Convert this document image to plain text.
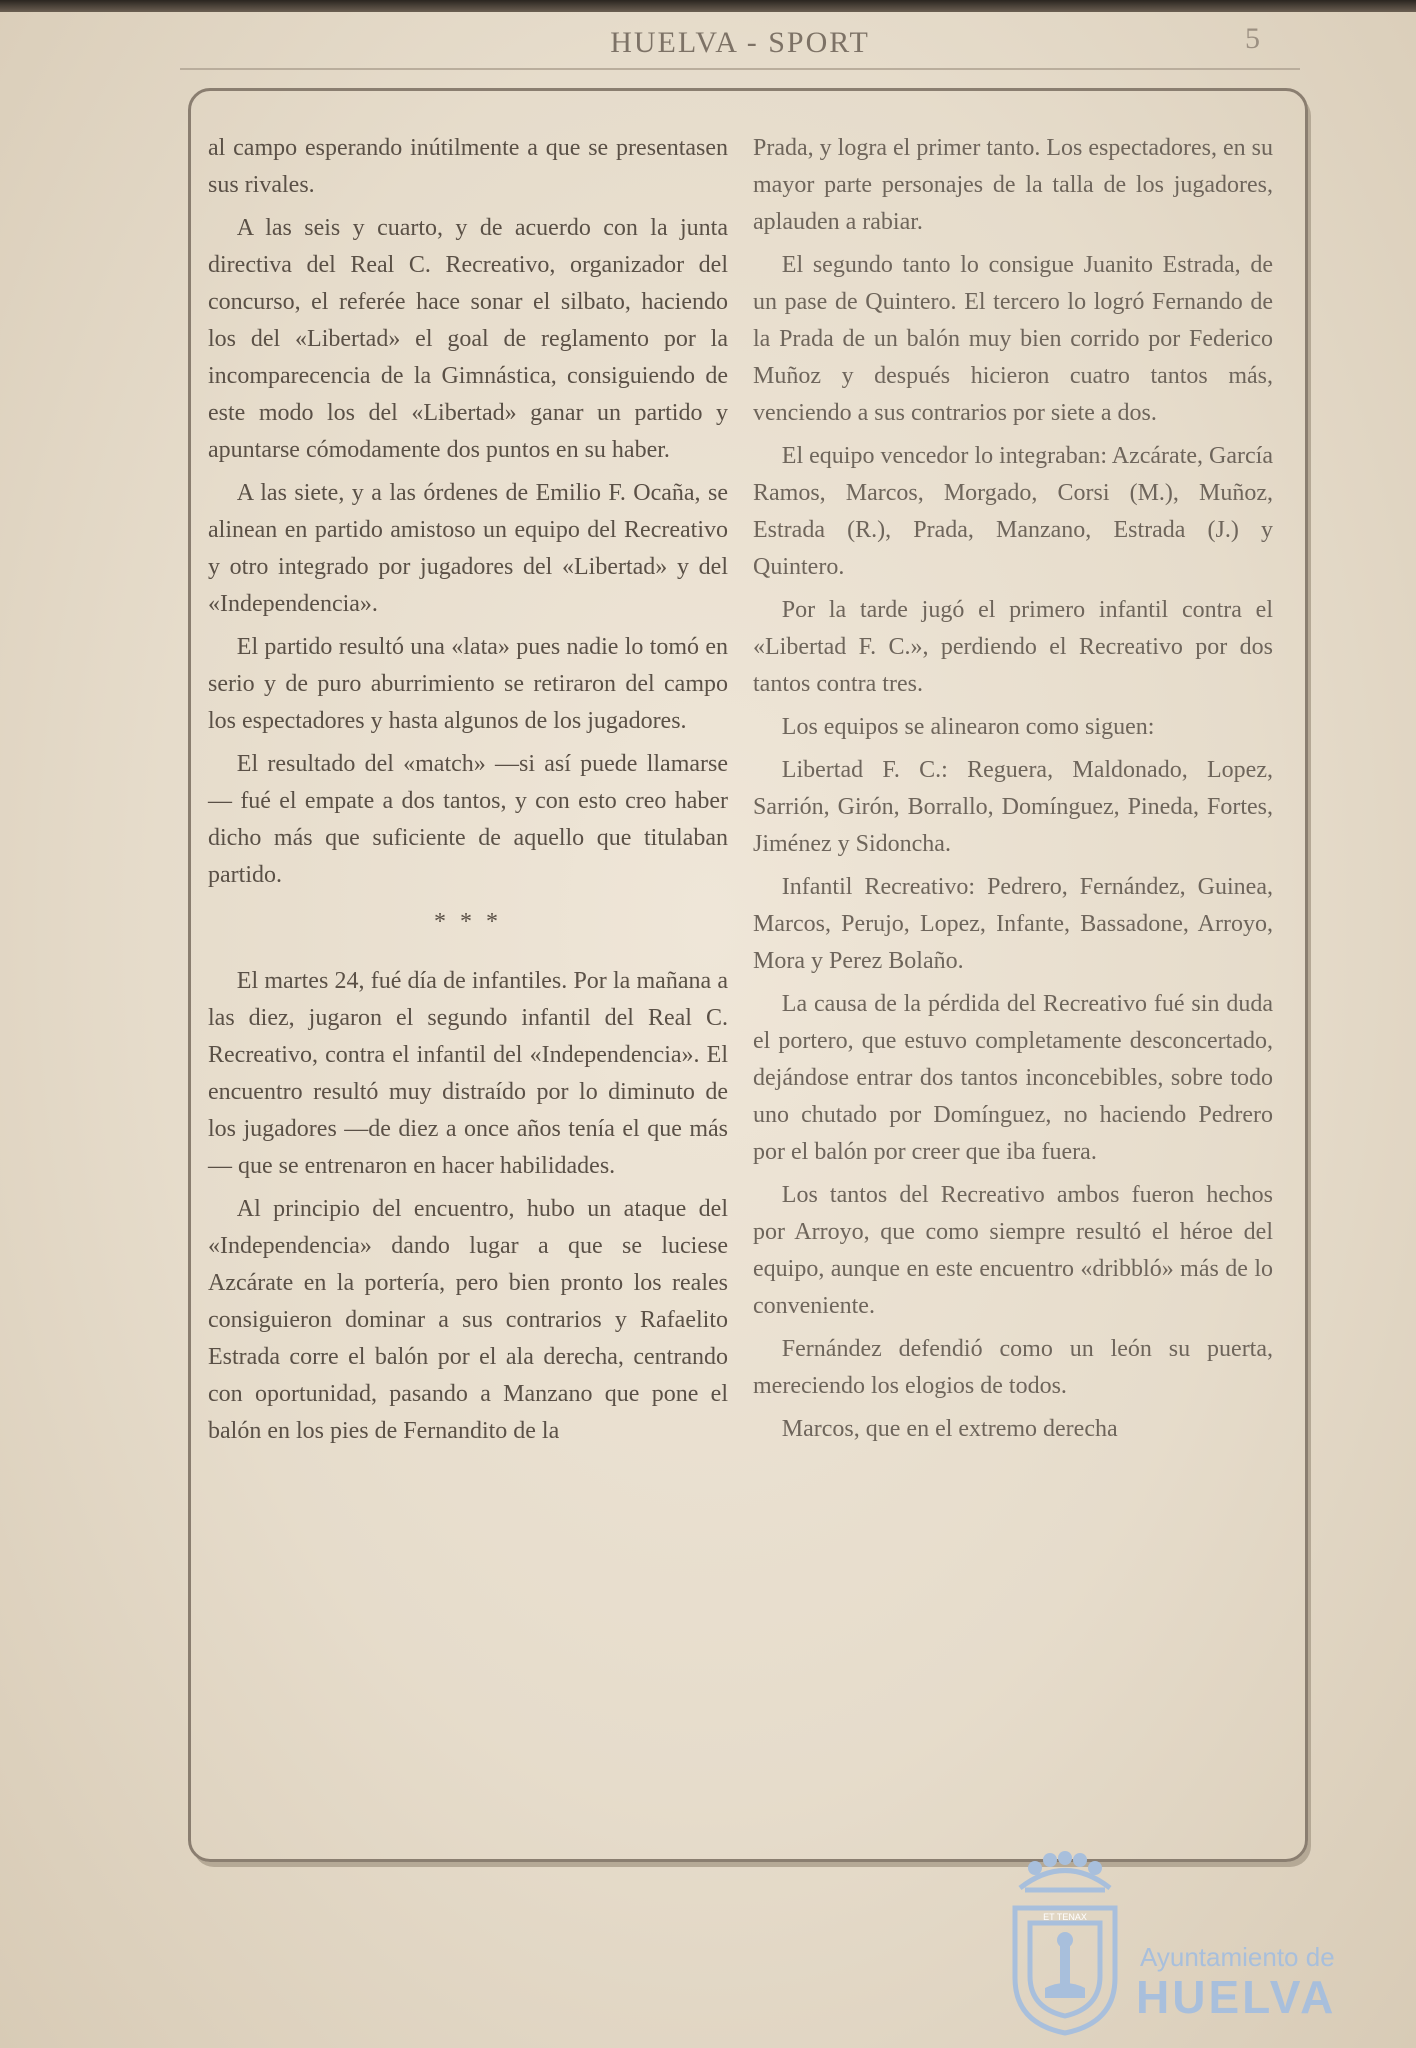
HUELVA - SPORT	5

al campo esperando inútilmente a que se presentasen sus rivales.

A las seis y cuarto, y de acuerdo con la junta directiva del Real C. Recreativo, organizador del concurso, el referée hace sonar el silbato, haciendo los del «Libertad» el goal de reglamento por la incomparecencia de la Gimnástica, consiguiendo de este modo los del «Libertad» ganar un partido y apuntarse cómodamente dos puntos en su haber.

A las siete, y a las órdenes de Emilio F. Ocaña, se alinean en partido amistoso un equipo del Recreativo y otro integrado por jugadores del «Libertad» y del «Independencia».

El partido resultó una «lata» pues nadie lo tomó en serio y de puro aburrimiento se retiraron del campo los espectadores y hasta algunos de los jugadores.

El resultado del «match» —si así puede llamarse— fué el empate a dos tantos, y con esto creo haber dicho más que suficiente de aquello que titulaban partido.

* * *

El martes 24, fué día de infantiles. Por la mañana a las diez, jugaron el segundo infantil del Real C. Recreativo, contra el infantil del «Independencia». El encuentro resultó muy distraído por lo diminuto de los jugadores —de diez a once años tenía el que más— que se entrenaron en hacer habilidades.

Al principio del encuentro, hubo un ataque del «Independencia» dando lugar a que se luciese Azcárate en la portería, pero bien pronto los reales consiguieron dominar a sus contrarios y Rafaelito Estrada corre el balón por el ala derecha, centrando con oportunidad, pasando a Manzano que pone el balón en los pies de Fernandito de la

Prada, y logra el primer tanto. Los espectadores, en su mayor parte personajes de la talla de los jugadores, aplauden a rabiar.

El segundo tanto lo consigue Juanito Estrada, de un pase de Quintero. El tercero lo logró Fernando de la Prada de un balón muy bien corrido por Federico Muñoz y después hicieron cuatro tantos más, venciendo a sus contrarios por siete a dos.

El equipo vencedor lo integraban: Azcárate, García Ramos, Marcos, Morgado, Corsi (M.), Muñoz, Estrada (R.), Prada, Manzano, Estrada (J.) y Quintero.

Por la tarde jugó el primero infantil contra el «Libertad F. C.», perdiendo el Recreativo por dos tantos contra tres.

Los equipos se alinearon como siguen:

Libertad F. C.: Reguera, Maldonado, Lopez, Sarrión, Girón, Borrallo, Domínguez, Pineda, Fortes, Jiménez y Sidoncha.

Infantil Recreativo: Pedrero, Fernández, Guinea, Marcos, Perujo, Lopez, Infante, Bassadone, Arroyo, Mora y Perez Bolaño.

La causa de la pérdida del Recreativo fué sin duda el portero, que estuvo completamente desconcertado, dejándose entrar dos tantos inconcebibles, sobre todo uno chutado por Domínguez, no haciendo Pedrero por el balón por creer que iba fuera.

Los tantos del Recreativo ambos fueron hechos por Arroyo, que como siempre resultó el héroe del equipo, aunque en este encuentro «dribbló» más de lo conveniente.

Fernández defendió como un león su puerta, mereciendo los elogios de todos.

Marcos, que en el extremo derecha

ET TENAX
Ayuntamiento de
HUELVA
